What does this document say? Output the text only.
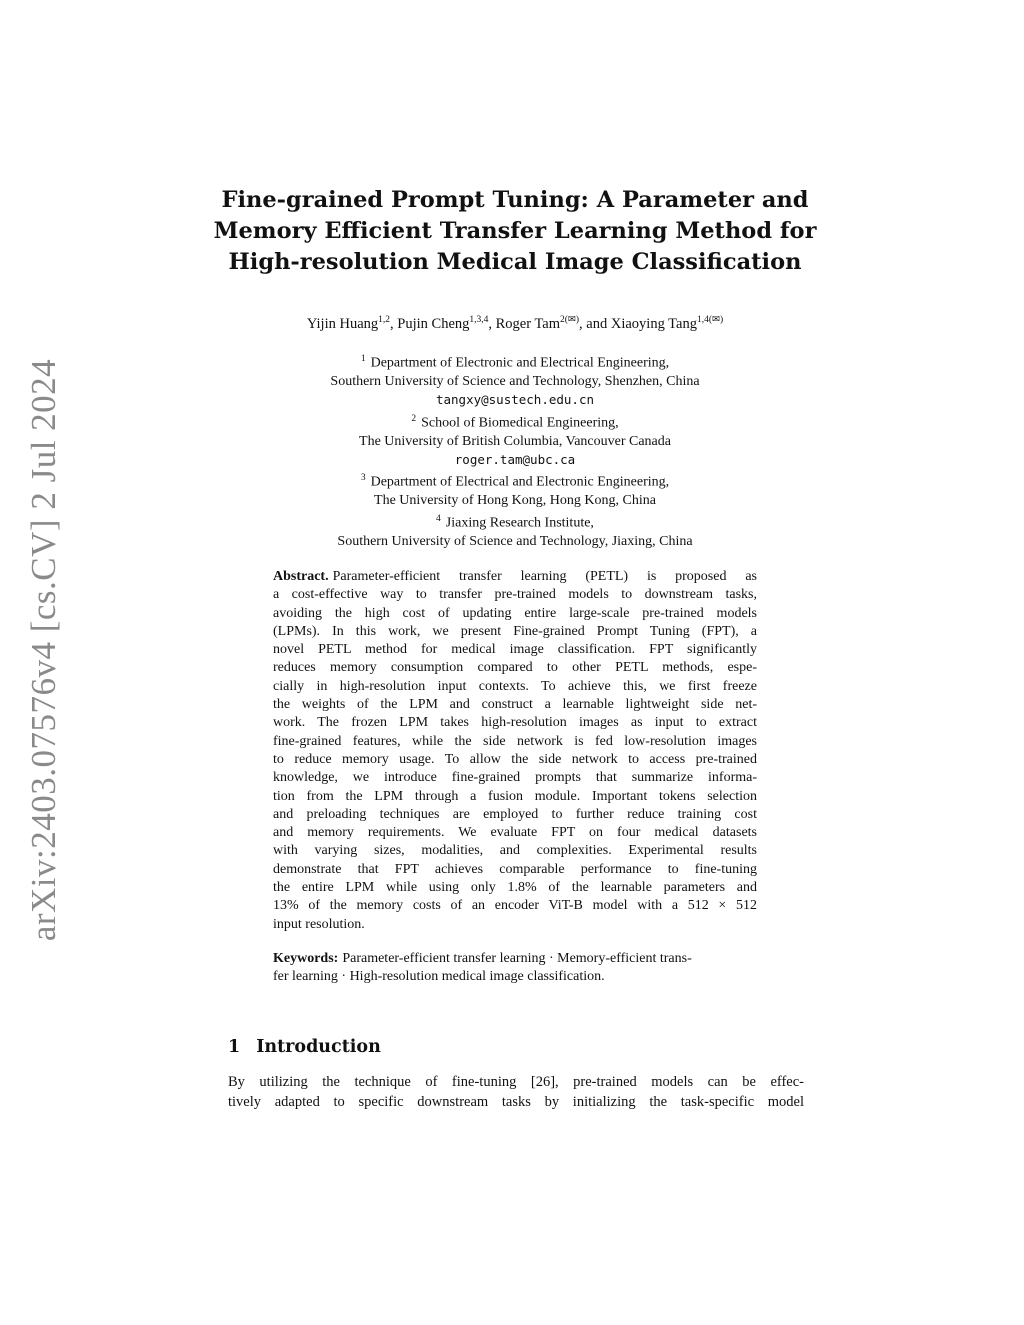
arXiv:2403.07576v4 [cs.CV] 2 Jul 2024
Fine-grained Prompt Tuning: A Parameter and
Memory Efficient Transfer Learning Method for
High-resolution Medical Image Classification
Yijin Huang$^{1,2}$, Pujin Cheng$^{1,3,4}$, Roger Tam$^{2(✉)}$, and Xiaoying Tang$^{1,4(✉)}$
$^1$ Department of Electronic and Electrical Engineering,
Southern University of Science and Technology, Shenzhen, China
tangxy@sustech.edu.cn
$^2$ School of Biomedical Engineering,
The University of British Columbia, Vancouver Canada
roger.tam@ubc.ca
$^3$ Department of Electrical and Electronic Engineering,
The University of Hong Kong, Hong Kong, China
$^4$ Jiaxing Research Institute,
Southern University of Science and Technology, Jiaxing, China
Abstract. Parameter-efficient transfer learning (PETL) is proposed as
a cost-effective way to transfer pre-trained models to downstream tasks,
avoiding the high cost of updating entire large-scale pre-trained models
(LPMs). In this work, we present Fine-grained Prompt Tuning (FPT), a
novel PETL method for medical image classification. FPT significantly
reduces memory consumption compared to other PETL methods, espe-
cially in high-resolution input contexts. To achieve this, we first freeze
the weights of the LPM and construct a learnable lightweight side net-
work. The frozen LPM takes high-resolution images as input to extract
fine-grained features, while the side network is fed low-resolution images
to reduce memory usage. To allow the side network to access pre-trained
knowledge, we introduce fine-grained prompts that summarize informa-
tion from the LPM through a fusion module. Important tokens selection
and preloading techniques are employed to further reduce training cost
and memory requirements. We evaluate FPT on four medical datasets
with varying sizes, modalities, and complexities. Experimental results
demonstrate that FPT achieves comparable performance to fine-tuning
the entire LPM while using only 1.8% of the learnable parameters and
13% of the memory costs of an encoder ViT-B model with a 512 × 512
input resolution.
Keywords: Parameter-efficient transfer learning · Memory-efficient trans-
fer learning · High-resolution medical image classification.
1 Introduction
By utilizing the technique of fine-tuning [26], pre-trained models can be effec-
tively adapted to specific downstream tasks by initializing the task-specific model
